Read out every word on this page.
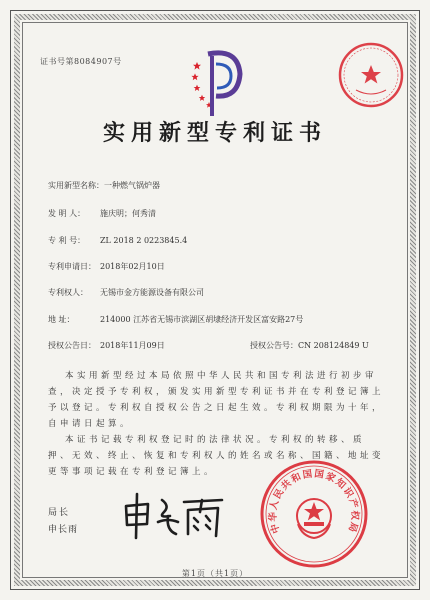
证书号第8084907号
实用新型专利证书
实用新型名称：一种燃气锅炉器
发 明 人： 施庆明；何秀清
专 利 号： ZL 2018 2 0223845.4
专利申请日： 2018年02月10日
专利权人： 无锡市金方能源设备有限公司
地 址：	214000 江苏省无锡市滨湖区胡埭经济开发区富安路27号
授权公告日： 2018年11月09日	授权公告号：CN 208124849 U

本实用新型经过本局依照中华人民共和国专利法进行初步审查，决定授予专利权，颁发实用新型专利证书并在专利登记簿上予以登记。专利权自授权公告之日起生效。专利权期限为十年，自申请日起算。

本证书记载专利权登记时的法律状况。专利权的转移、质押、无效、终止、恢复和专利权人的姓名或名称、国籍、地址变更等事项记载在专利登记簿上。

局长
申长雨	中华人民共和国国家知识产权局
第1页（共1页）
